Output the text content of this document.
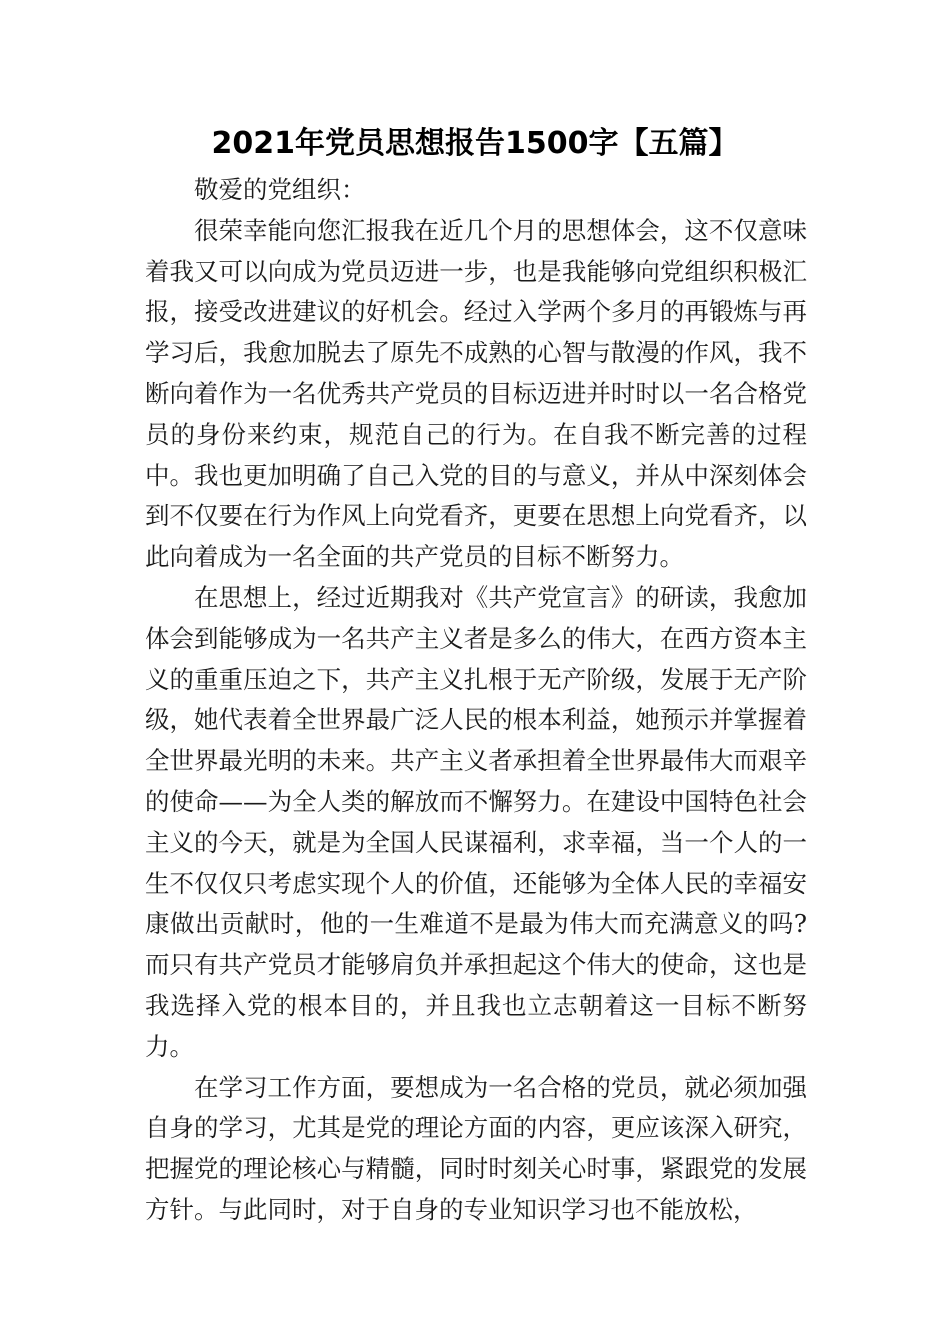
2021年党员思想报告1500字【五篇】

敬爱的党组织：

很荣幸能向您汇报我在近几个月的思想体会，这不仅意味着我又可以向成为党员迈进一步，也是我能够向党组织积极汇报，接受改进建议的好机会。经过入学两个多月的再锻炼与再学习后，我愈加脱去了原先不成熟的心智与散漫的作风，我不断向着作为一名优秀共产党员的目标迈进并时时以一名合格党员的身份来约束，规范自己的行为。在自我不断完善的过程中。我也更加明确了自己入党的目的与意义，并从中深刻体会到不仅要在行为作风上向党看齐，更要在思想上向党看齐，以此向着成为一名全面的共产党员的目标不断努力。

在思想上，经过近期我对《共产党宣言》的研读，我愈加体会到能够成为一名共产主义者是多么的伟大，在西方资本主义的重重压迫之下，共产主义扎根于无产阶级，发展于无产阶级，她代表着全世界最广泛人民的根本利益，她预示并掌握着全世界最光明的未来。共产主义者承担着全世界最伟大而艰辛的使命——为全人类的解放而不懈努力。在建设中国特色社会主义的今天，就是为全国人民谋福利，求幸福，当一个人的一生不仅仅只考虑实现个人的价值，还能够为全体人民的幸福安康做出贡献时，他的一生难道不是最为伟大而充满意义的吗?而只有共产党员才能够肩负并承担起这个伟大的使命，这也是我选择入党的根本目的，并且我也立志朝着这一目标不断努力。

在学习工作方面，要想成为一名合格的党员，就必须加强自身的学习，尤其是党的理论方面的内容，更应该深入研究，把握党的理论核心与精髓，同时时刻关心时事，紧跟党的发展方针。与此同时，对于自身的专业知识学习也不能放松，
